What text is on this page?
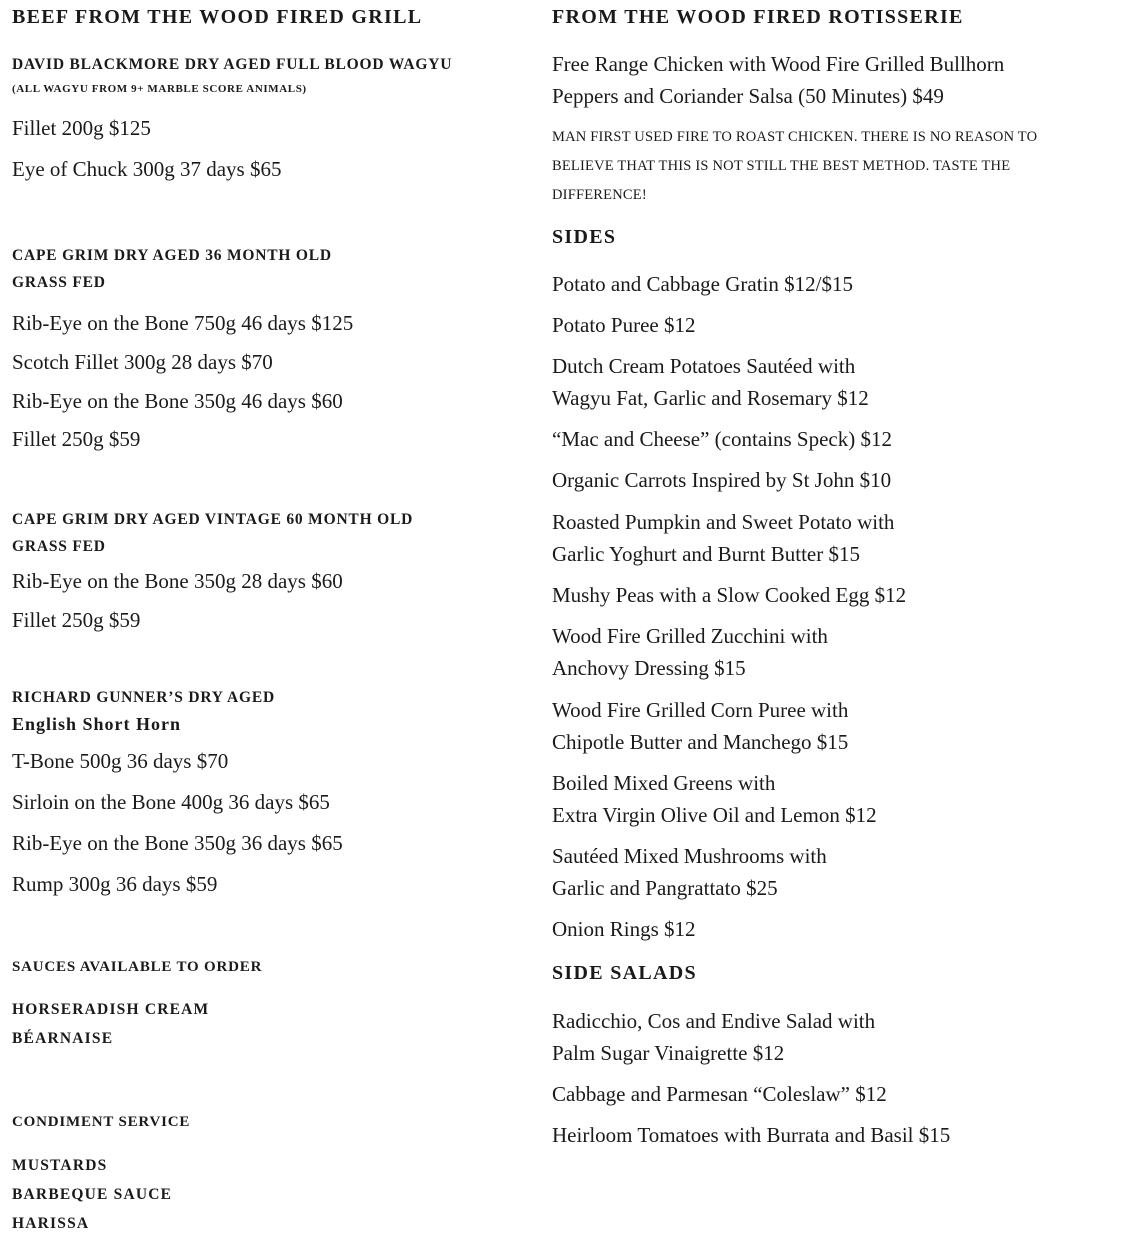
BEEF FROM THE WOOD FIRED GRILL
DAVID BLACKMORE DRY AGED FULL BLOOD WAGYU
(ALL WAGYU FROM 9+ MARBLE SCORE ANIMALS)
Fillet 200g $125
Eye of Chuck 300g 37 days $65
CAPE GRIM DRY AGED 36 MONTH OLD
GRASS FED
Rib-Eye on the Bone 750g 46 days $125
Scotch Fillet 300g 28 days $70
Rib-Eye on the Bone 350g 46 days $60
Fillet 250g $59
CAPE GRIM DRY AGED VINTAGE 60 MONTH OLD
GRASS FED
Rib-Eye on the Bone 350g 28 days $60
Fillet 250g $59
RICHARD GUNNER’S DRY AGED
English Short Horn
T-Bone 500g 36 days $70
Sirloin on the Bone 400g 36 days $65
Rib-Eye on the Bone 350g 36 days $65
Rump 300g 36 days $59
SAUCES AVAILABLE TO ORDER
HORSERADISH CREAM
BÉARNAISE
CONDIMENT SERVICE
MUSTARDS
BARBEQUE SAUCE
HARISSA
FROM THE WOOD FIRED ROTISSERIE
Free Range Chicken with Wood Fire Grilled Bullhorn
Peppers and Coriander Salsa (50 Minutes) $49
MAN FIRST USED FIRE TO ROAST CHICKEN. THERE IS NO REASON TO
BELIEVE THAT THIS IS NOT STILL THE BEST METHOD. TASTE THE
DIFFERENCE!
SIDES
Potato and Cabbage Gratin $12/$15
Potato Puree $12
Dutch Cream Potatoes Sautéed with
Wagyu Fat, Garlic and Rosemary $12
“Mac and Cheese” (contains Speck) $12
Organic Carrots Inspired by St John $10
Roasted Pumpkin and Sweet Potato with
Garlic Yoghurt and Burnt Butter $15
Mushy Peas with a Slow Cooked Egg $12
Wood Fire Grilled Zucchini with
Anchovy Dressing $15
Wood Fire Grilled Corn Puree with
Chipotle Butter and Manchego $15
Boiled Mixed Greens with
Extra Virgin Olive Oil and Lemon $12
Sautéed Mixed Mushrooms with
Garlic and Pangrattato $25
Onion Rings $12
SIDE SALADS
Radicchio, Cos and Endive Salad with
Palm Sugar Vinaigrette $12
Cabbage and Parmesan “Coleslaw” $12
Heirloom Tomatoes with Burrata and Basil $15
